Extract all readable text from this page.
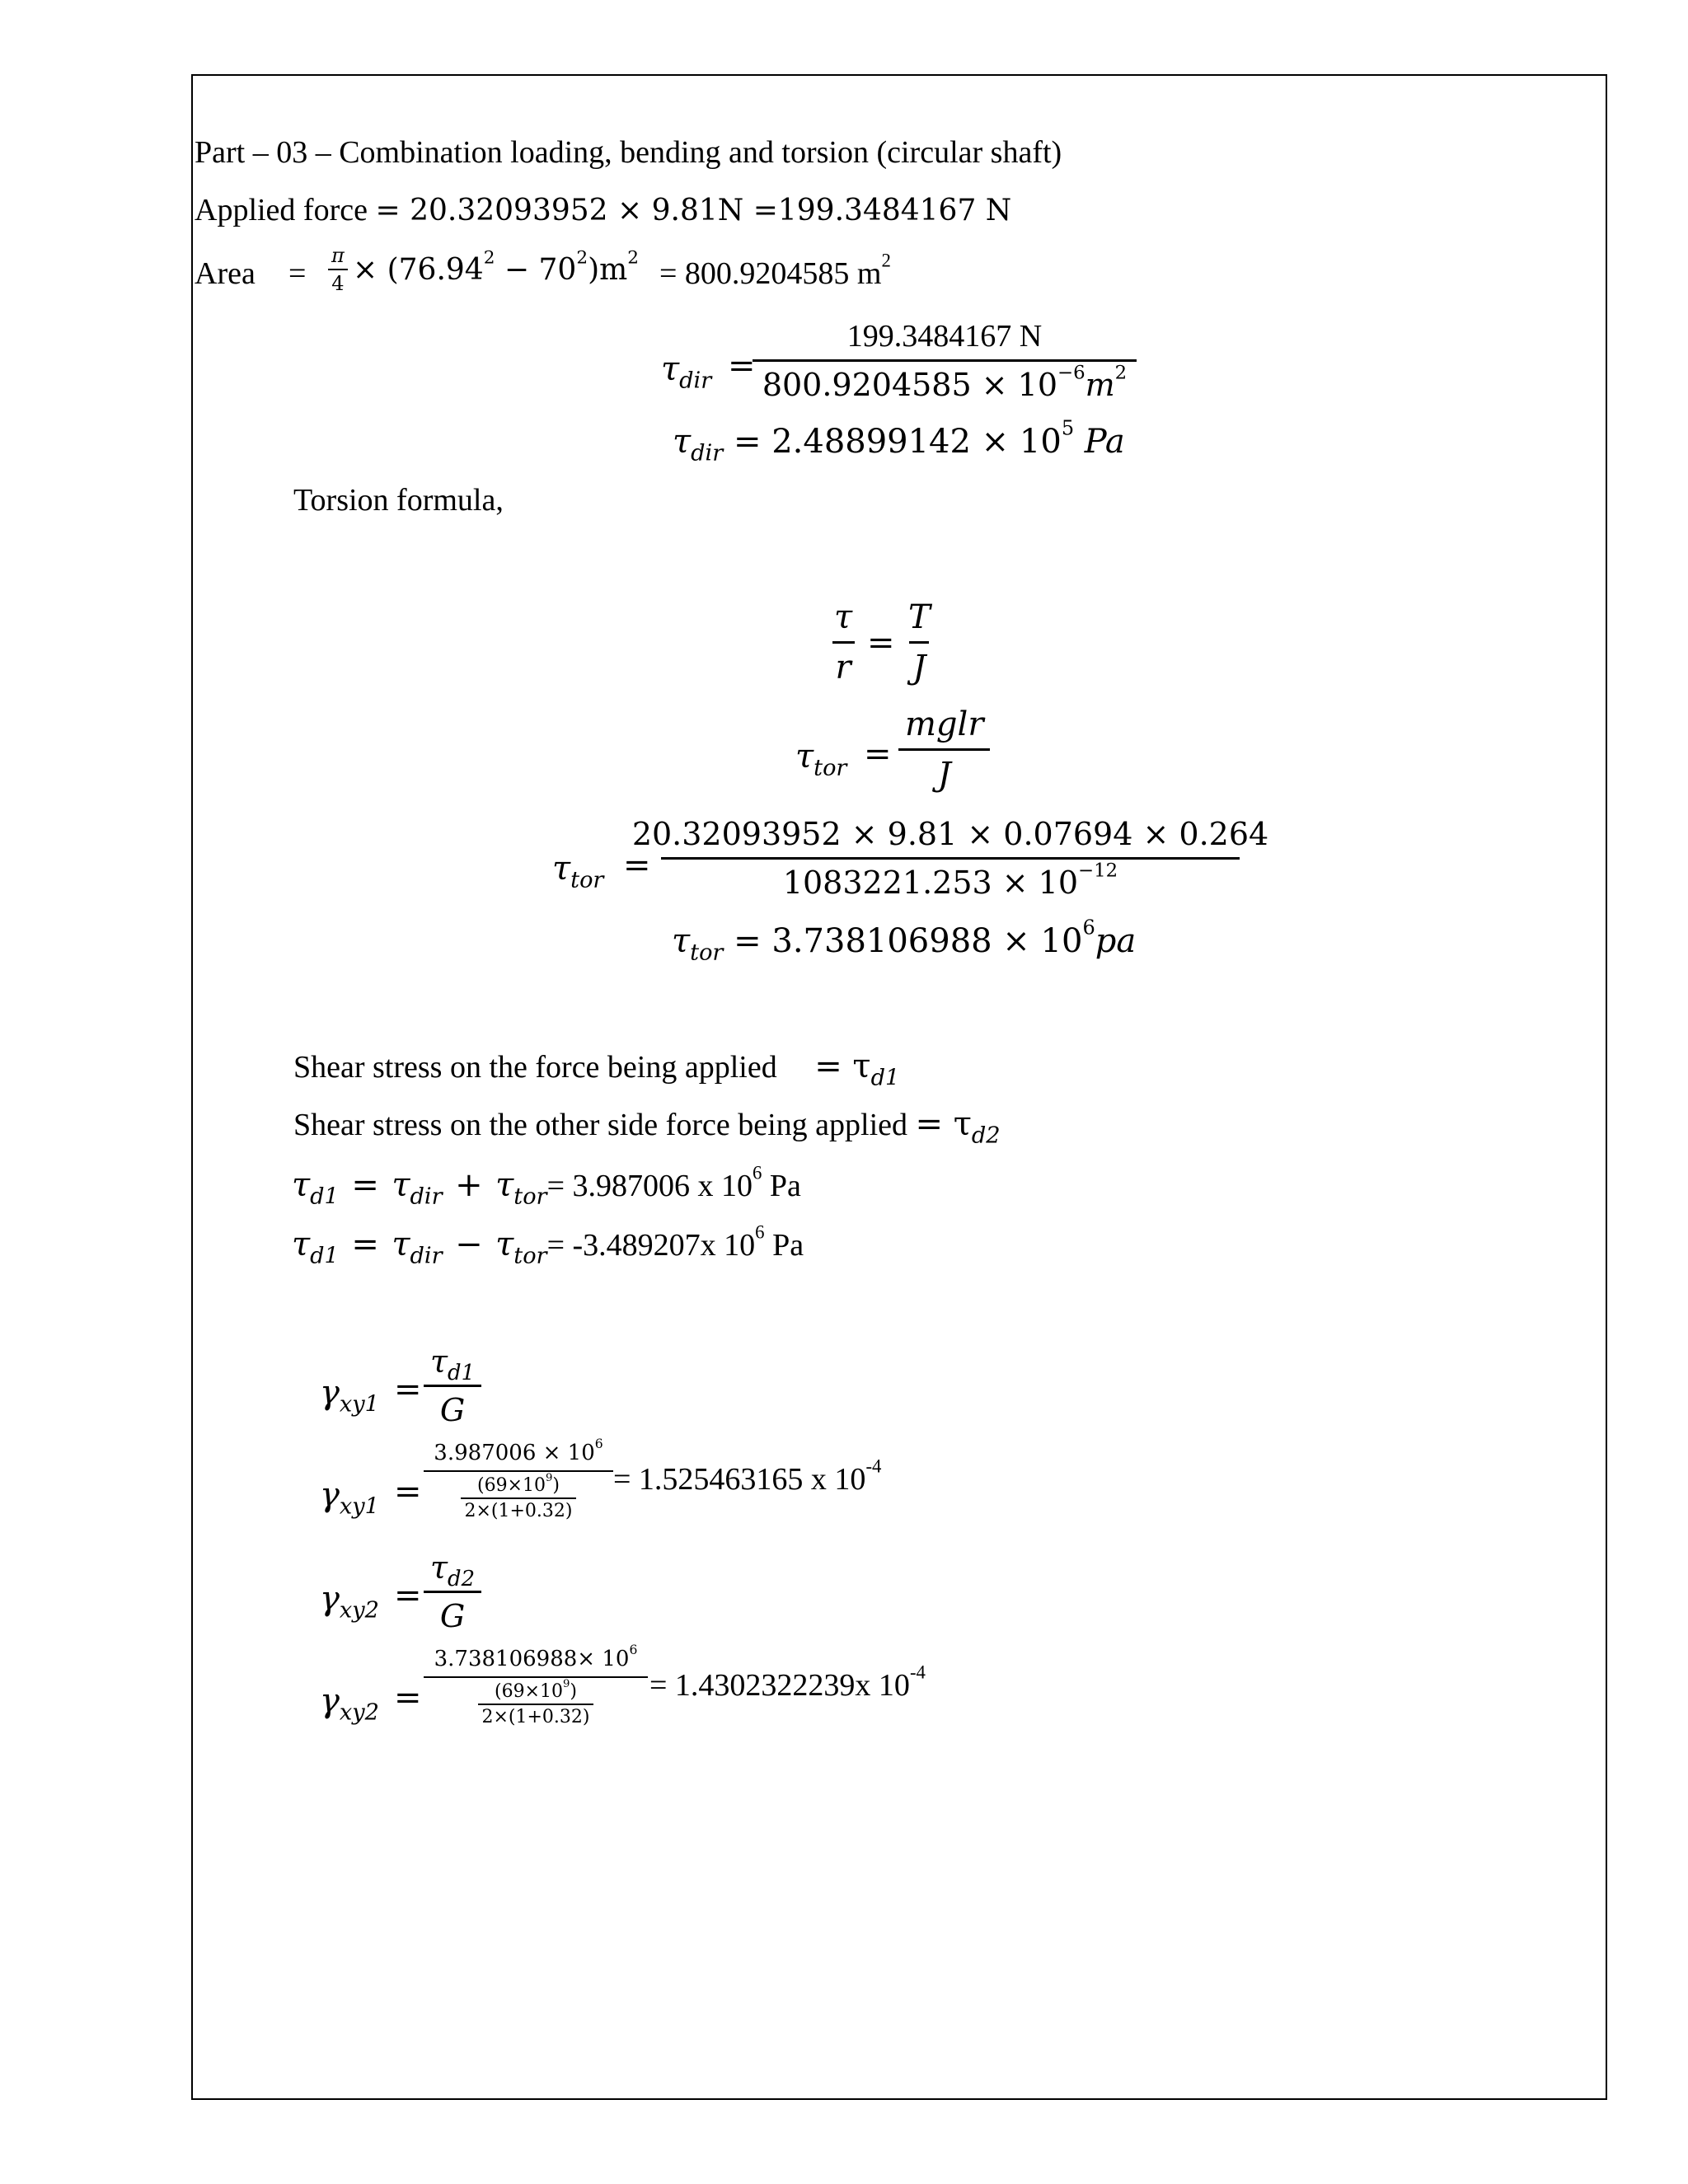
Part – 03 – Combination loading, bending and torsion (circular shaft)
Applied force = 20.32093952 × 9.81N =199.3484167 N
Area = $\frac{\pi}{4} \times (76.94^2 - 70^2)m^2 = 800.9204585$ $m^2$
$\tau_{dir} = \frac{199.3484167 N}{800.9204585 \times 10^{-6}m^2}$
$\tau_{dir} = 2.48899142 \times 10^5$ Pa
Torsion formula,
$\frac{\tau}{r} = \frac{T}{J}$
$\tau_{tor}$ =
mglr
J
$\tau_{tor} = \frac{20.32093952 \times 9.81 \times 0.07694 \times 0.264}{1083221.253 \times 10^{-12}}$
$\tau_{tor} = 3.738106988 \times 10^6pa$
Shear stress on the force being applied = $\tau_{d1}$
Shear stress on the other side force being applied = $\tau_{d2}$
$\tau_{d1} = \tau_{dir} + \tau_{tor}= 3.987006$ x $10^6$ Pa
$\tau_{d1} = \tau_{dir} - \tau_{tor}= -3.489207x$ $10^6$ Pa
$\gamma_{xy1} = \frac{\tau_{d1}}{G}$
$\gamma_{xy1}$ =
$3.987006 \times 10^6$
$\frac{(69\times 10^9)}{2\times(1+0.32)} = 1.525463165$ x $10^{-4}$
$\gamma_{xy2} = \frac{\tau_{d2}}{G}$
$\gamma_{xy2}$ =
$3.738106988\times 10^6$
$\frac{(69\times 10^9)}{2\times(1+0.32)} = 1.4302322239x$ $10^{-4}$
